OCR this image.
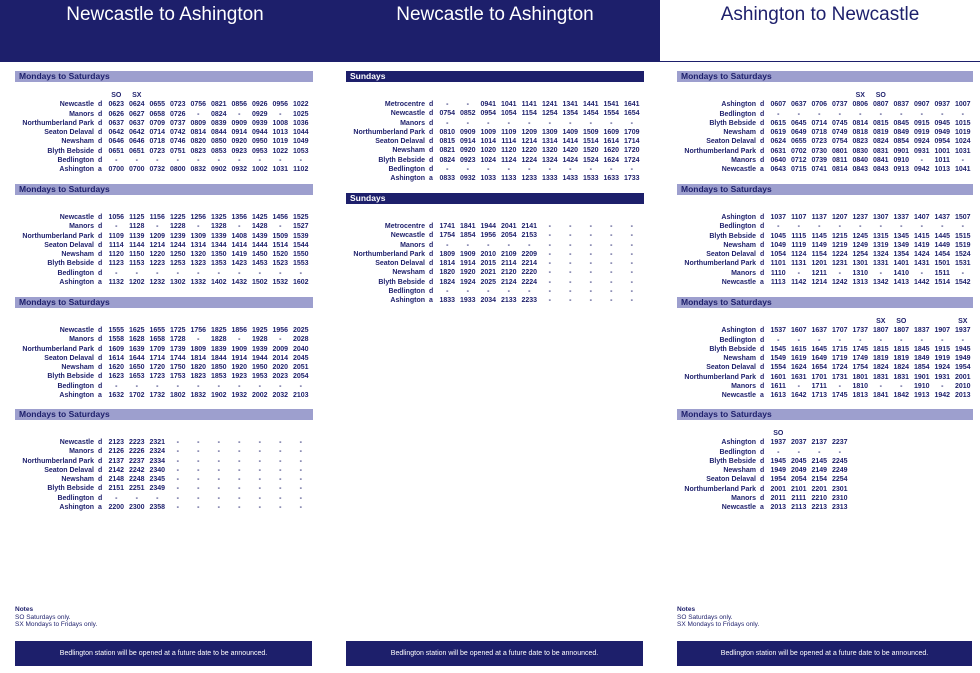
Newcastle to Ashington
Mondays to Saturdays
		SO	SX								
Newcastle	d	0623	0624	0655	0723	0756	0821	0856	0926	0956	1022
Manors	d	0626	0627	0658	0726	-	0824	-	0929	-	1025
Northumberland Park	d	0637	0637	0709	0737	0809	0839	0909	0939	1008	1036
Seaton Delaval	d	0642	0642	0714	0742	0814	0844	0914	0944	1013	1044
Newsham	d	0646	0646	0718	0746	0820	0850	0920	0950	1019	1049
Blyth Bebside	d	0651	0651	0723	0751	0823	0853	0923	0953	1022	1053
Bedlington	d	-	-	-	-	-	-	-	-	-	-
Ashington	a	0700	0700	0732	0800	0832	0902	0932	1002	1031	1102
Mondays to Saturdays

Newcastle	d	1056	1125	1156	1225	1256	1325	1356	1425	1456	1525
Manors	d	-	1128	-	1228	-	1328	-	1428	-	1527
Northumberland Park	d	1109	1139	1209	1239	1309	1339	1408	1439	1509	1539
Seaton Delaval	d	1114	1144	1214	1244	1314	1344	1414	1444	1514	1544
Newsham	d	1120	1150	1220	1250	1320	1350	1419	1450	1520	1550
Blyth Bebside	d	1123	1153	1223	1253	1323	1353	1423	1453	1523	1553
Bedlington	d	-	-	-	-	-	-	-	-	-	-
Ashington	a	1132	1202	1232	1302	1332	1402	1432	1502	1532	1602
Mondays to Saturdays

Newcastle	d	1555	1625	1655	1725	1756	1825	1856	1925	1956	2025
Manors	d	1558	1628	1658	1728	-	1828	-	1928	-	2028
Northumberland Park	d	1609	1639	1709	1739	1809	1839	1909	1939	2009	2040
Seaton Delaval	d	1614	1644	1714	1744	1814	1844	1914	1944	2014	2045
Newsham	d	1620	1650	1720	1750	1820	1850	1920	1950	2020	2051
Blyth Bebside	d	1623	1653	1723	1753	1823	1853	1923	1953	2023	2054
Bedlington	d	-	-	-	-	-	-	-	-	-	-
Ashington	a	1632	1702	1732	1802	1832	1902	1932	2002	2032	2103
Mondays to Saturdays

Newcastle	d	2123	2223	2321	-	-	-	-	-	-	-
Manors	d	2126	2226	2324	-	-	-	-	-	-	-
Northumberland Park	d	2137	2237	2334	-	-	-	-	-	-	-
Seaton Delaval	d	2142	2242	2340	-	-	-	-	-	-	-
Newsham	d	2148	2248	2345	-	-	-	-	-	-	-
Blyth Bebside	d	2151	2251	2349	-	-	-	-	-	-	-
Bedlington	d	-	-	-	-	-	-	-	-	-	-
Ashington	a	2200	2300	2358	-	-	-	-	-	-	-
Notes
SO Saturdays only.
SX Mondays to Fridays only.
Bedlington station will be opened at a future date to be announced.
Newcastle to Ashington
Sundays

Metrocentre	d	-	-	0941	1041	1141	1241	1341	1441	1541	1641
Newcastle	d	0754	0852	0954	1054	1154	1254	1354	1454	1554	1654
Manors	d	-	-	-	-	-	-	-	-	-	-
Northumberland Park	d	0810	0909	1009	1109	1209	1309	1409	1509	1609	1709
Seaton Delaval	d	0815	0914	1014	1114	1214	1314	1414	1514	1614	1714
Newsham	d	0821	0920	1020	1120	1220	1320	1420	1520	1620	1720
Blyth Bebside	d	0824	0923	1024	1124	1224	1324	1424	1524	1624	1724
Bedlington	d	-	-	-	-	-	-	-	-	-	-
Ashington	a	0833	0932	1033	1133	1233	1333	1433	1533	1633	1733
Sundays

Metrocentre	d	1741	1841	1944	2041	2141	-	-	-	-	-
Newcastle	d	1754	1854	1956	2054	2153	-	-	-	-	-
Manors	d	-	-	-	-	-	-	-	-	-	-
Northumberland Park	d	1809	1909	2010	2109	2209	-	-	-	-	-
Seaton Delaval	d	1814	1914	2015	2114	2214	-	-	-	-	-
Newsham	d	1820	1920	2021	2120	2220	-	-	-	-	-
Blyth Bebside	d	1824	1924	2025	2124	2224	-	-	-	-	-
Bedlington	d	-	-	-	-	-	-	-	-	-	-
Ashington	a	1833	1933	2034	2133	2233	-	-	-	-	-
Bedlington station will be opened at a future date to be announced.
Ashington to Newcastle
Mondays to Saturdays
						SX	SO				
Ashington	d	0607	0637	0706	0737	0806	0807	0837	0907	0937	1007
Bedlington	d	-	-	-	-	-	-	-	-	-	-
Blyth Bebside	d	0615	0645	0714	0745	0814	0815	0845	0915	0945	1015
Newsham	d	0619	0649	0718	0749	0818	0819	0849	0919	0949	1019
Seaton Delaval	d	0624	0655	0723	0754	0823	0824	0854	0924	0954	1024
Northumberland Park	d	0631	0702	0730	0801	0830	0831	0901	0931	1001	1031
Manors	d	0640	0712	0739	0811	0840	0841	0910	-	1011	-
Newcastle	a	0643	0715	0741	0814	0843	0843	0913	0942	1013	1041
Mondays to Saturdays

Ashington	d	1037	1107	1137	1207	1237	1307	1337	1407	1437	1507
Bedlington	d	-	-	-	-	-	-	-	-	-	-
Blyth Bebside	d	1045	1115	1145	1215	1245	1315	1345	1415	1445	1515
Newsham	d	1049	1119	1149	1219	1249	1319	1349	1419	1449	1519
Seaton Delaval	d	1054	1124	1154	1224	1254	1324	1354	1424	1454	1524
Northumberland Park	d	1101	1131	1201	1231	1301	1331	1401	1431	1501	1531
Manors	d	1110	-	1211	-	1310	-	1410	-	1511	-
Newcastle	a	1113	1142	1214	1242	1313	1342	1413	1442	1514	1542
Mondays to Saturdays
							SX	SO			SX
Ashington	d	1537	1607	1637	1707	1737	1807	1807	1837	1907	1937
Bedlington	d	-	-	-	-	-	-	-	-	-	-
Blyth Bebside	d	1545	1615	1645	1715	1745	1815	1815	1845	1915	1945
Newsham	d	1549	1619	1649	1719	1749	1819	1819	1849	1919	1949
Seaton Delaval	d	1554	1624	1654	1724	1754	1824	1824	1854	1924	1954
Northumberland Park	d	1601	1631	1701	1731	1801	1831	1831	1901	1931	2001
Manors	d	1611	-	1711	-	1810	-	-	1910	-	2010
Newcastle	a	1613	1642	1713	1745	1813	1841	1842	1913	1942	2013
Mondays to Saturdays
		SO									
Ashington	d	1937	2037	2137	2237						
Bedlington	d	-	-	-	-						
Blyth Bebside	d	1945	2045	2145	2245						
Newsham	d	1949	2049	2149	2249						
Seaton Delaval	d	1954	2054	2154	2254						
Northumberland Park	d	2001	2101	2201	2301						
Manors	d	2011	2111	2210	2310						
Newcastle	a	2013	2113	2213	2313						
Notes
SO Saturdays only.
SX Mondays to Fridays only.
Bedlington station will be opened at a future date to be announced.
